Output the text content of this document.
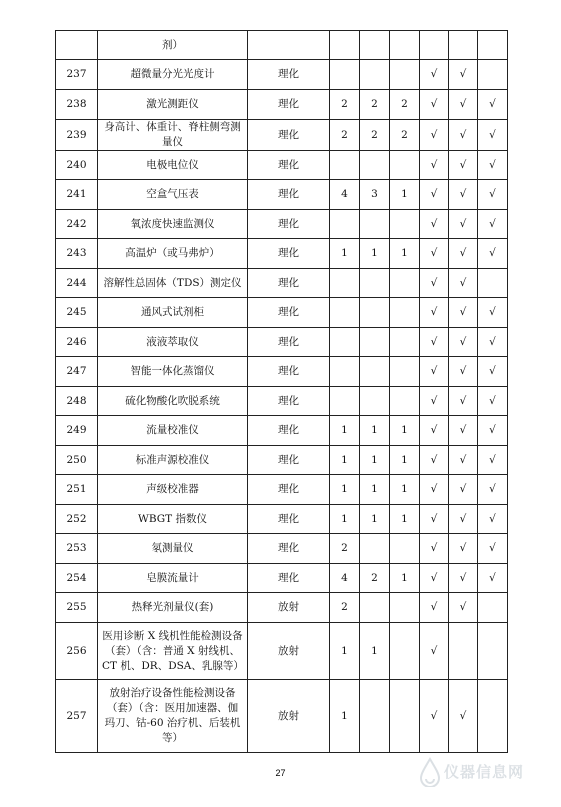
	剂）							
237	超微量分光光度计	理化				√	√	
238	激光测距仪	理化	2	2	2	√	√	√
239	身高计、体重计、脊柱侧弯测量仪	理化	2	2	2	√	√	√
240	电极电位仪	理化				√	√	√
241	空盒气压表	理化	4	3	1	√	√	√
242	氧浓度快速监测仪	理化				√	√	√
243	高温炉（或马弗炉）	理化	1	1	1	√	√	√
244	溶解性总固体（TDS）测定仪	理化				√	√	
245	通风式试剂柜	理化				√	√	√
246	液液萃取仪	理化				√	√	√
247	智能一体化蒸馏仪	理化				√	√	√
248	硫化物酸化吹脱系统	理化				√	√	√
249	流量校准仪	理化	1	1	1	√	√	√
250	标准声源校准仪	理化	1	1	1	√	√	√
251	声级校准器	理化	1	1	1	√	√	√
252	WBGT 指数仪	理化	1	1	1	√	√	√
253	氡测量仪	理化	2			√	√	√
254	皂膜流量计	理化	4	2	1	√	√	√
255	热释光剂量仪(套)	放射	2			√	√	
256	医用诊断 X 线机性能检测设备（套）（含：普通 X 射线机、CT 机、DR、DSA、乳腺等）	放射	1	1		√		
257	放射治疗设备性能检测设备（套）（含：医用加速器、伽玛刀、钴-60 治疗机、后装机等）	放射	1			√	√	
27	仪器信息网
